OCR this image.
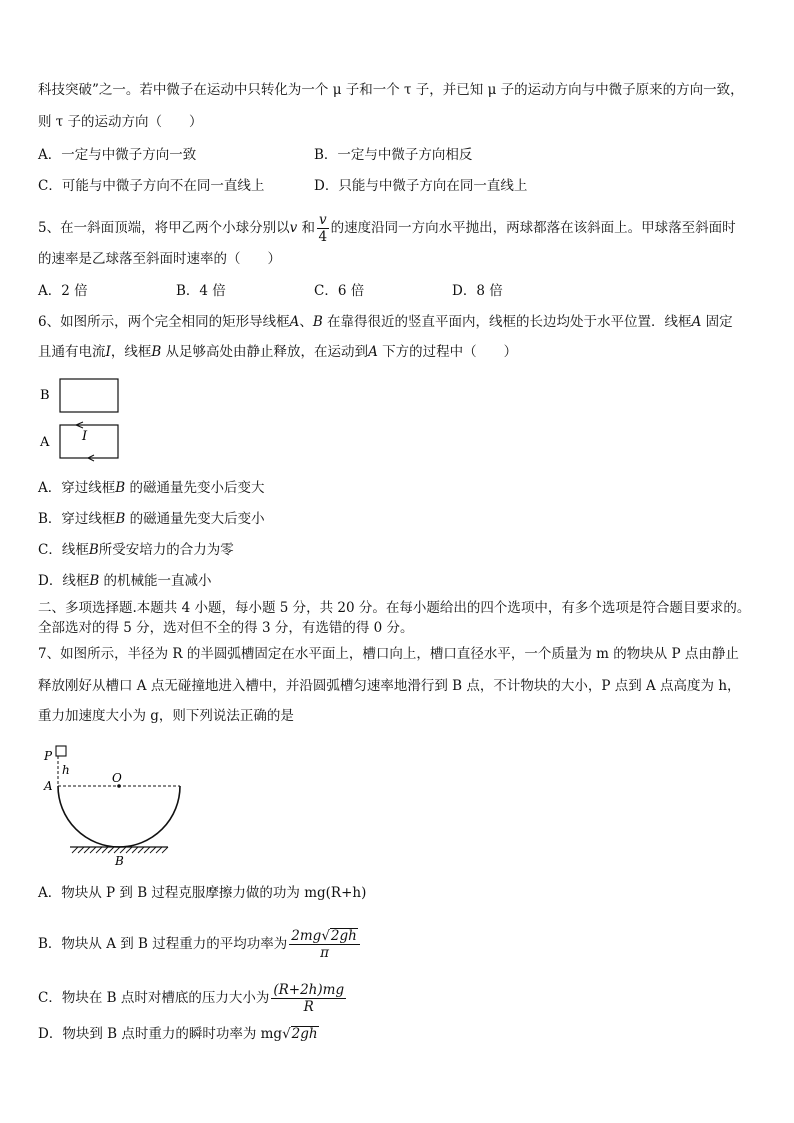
科技突破”之一。若中微子在运动中只转化为一个 μ 子和一个 τ 子，并已知 μ 子的运动方向与中微子原来的方向一致，
则 τ 子的运动方向（　　）
A．一定与中微子方向一致	B．一定与中微子方向相反
C．可能与中微子方向不在同一直线上	D．只能与中微子方向在同一直线上
5、在一斜面顶端，将甲乙两个小球分别以v 和 $\frac{v}{4}$ 的速度沿同一方向水平抛出，两球都落在该斜面上。甲球落至斜面时
的速率是乙球落至斜面时速率的（　　）
A．2 倍	B．4 倍	C．6 倍	D．8 倍
6、如图所示，两个完全相同的矩形导线框A、B 在靠得很近的竖直平面内，线框的长边均处于水平位置．线框A 固定
且通有电流I，线框B 从足够高处由静止释放，在运动到A 下方的过程中（　　）
B
A	I
A．穿过线框B 的磁通量先变小后变大
B．穿过线框B 的磁通量先变大后变小
C．线框B所受安培力的合力为零
D．线框B 的机械能一直减小
二、多项选择题.本题共 4 小题，每小题 5 分，共 20 分。在每小题给出的四个选项中，有多个选项是符合题目要求的。
全部选对的得 5 分，选对但不全的得 3 分，有选错的得 0 分。
7、如图所示，半径为 R 的半圆弧槽固定在水平面上，槽口向上，槽口直径水平，一个质量为 m 的物块从 P 点由静止
释放刚好从槽口 A 点无碰撞地进入槽中，并沿圆弧槽匀速率地滑行到 B 点，不计物块的大小，P 点到 A 点高度为 h，
重力加速度大小为 g，则下列说法正确的是
P
h
O
A
B
A．物块从 P 到 B 过程克服摩擦力做的功为 mg(R+h)
B．物块从 A 到 B 过程重力的平均功率为 $\frac{2mg√2gh}{\pi}$
C．物块在 B 点时对槽底的压力大小为 $\frac{(R+2h)mg}{R}$
D．物块到 B 点时重力的瞬时功率为 mg√2gh
